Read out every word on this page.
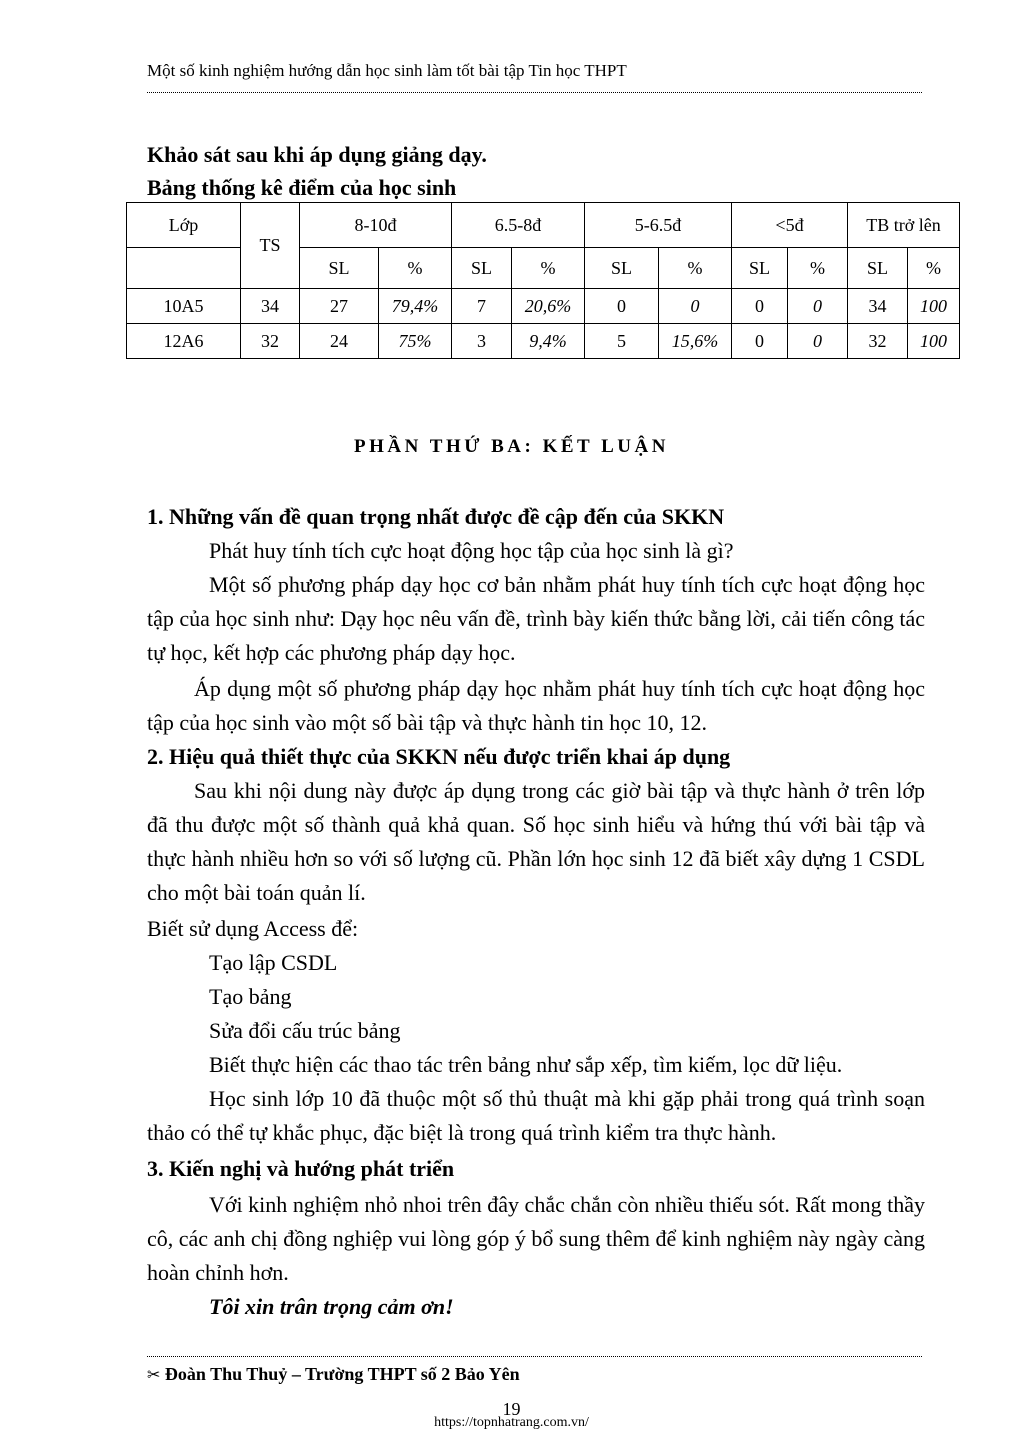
Một số kinh nghiệm hướng dẫn học sinh làm tốt bài tập Tin học THPT
Khảo sát sau khi áp dụng giảng dạy.
Bảng thống kê điểm của học sinh
Lớp	TS	8-10đ		6.5-8đ		5-6.5đ		<5đ		TB trở lên	
		SL	%	SL	%	SL	%	SL	%	SL	%
10A5	34	27	79,4%	7	20,6%	0	0	0	0	34	100
12A6	32	24	75%	3	9,4%	5	15,6%	0	0	32	100
PHẦN THỨ BA: KẾT LUẬN
1. Những vấn đề quan trọng nhất được đề cập đến của SKKN
Phát huy tính tích cực hoạt động học tập của học sinh là gì?
Một số phương pháp dạy học cơ bản nhằm phát huy tính tích cực hoạt động học tập của học sinh như: Dạy học nêu vấn đề, trình bày kiến thức bằng lời, cải tiến công tác tự học, kết hợp các phương pháp dạy học.
Áp dụng một số phương pháp dạy học nhằm phát huy tính tích cực hoạt động học tập của học sinh vào một số bài tập và thực hành tin học 10, 12.
2. Hiệu quả thiết thực của SKKN nếu được triển khai áp dụng
Sau khi nội dung này được áp dụng trong các giờ bài tập và thực hành ở trên lớp đã thu được một số thành quả khả quan. Số học sinh hiểu và hứng thú với bài tập và thực hành nhiều hơn so với số lượng cũ. Phần lớn học sinh 12 đã biết xây dựng 1 CSDL cho một bài toán quản lí.
Biết sử dụng Access để:
Tạo lập CSDL
Tạo bảng
Sửa đổi cấu trúc bảng
Biết thực hiện các thao tác trên bảng như sắp xếp, tìm kiếm, lọc dữ liệu.
Học sinh lớp 10 đã thuộc một số thủ thuật mà khi gặp phải trong quá trình soạn thảo có thể tự khắc phục, đặc biệt là trong quá trình kiểm tra thực hành.
3. Kiến nghị và hướng phát triển
Với kinh nghiệm nhỏ nhoi trên đây chắc chắn còn nhiều thiếu sót. Rất mong thầy cô, các anh chị đồng nghiệp vui lòng góp ý bổ sung thêm để kinh nghiệm này ngày càng hoàn chỉnh hơn.
Tôi xin trân trọng cảm ơn!
✂ Đoàn Thu Thuỷ – Trường THPT số 2 Bảo Yên
19
https://topnhatrang.com.vn/
